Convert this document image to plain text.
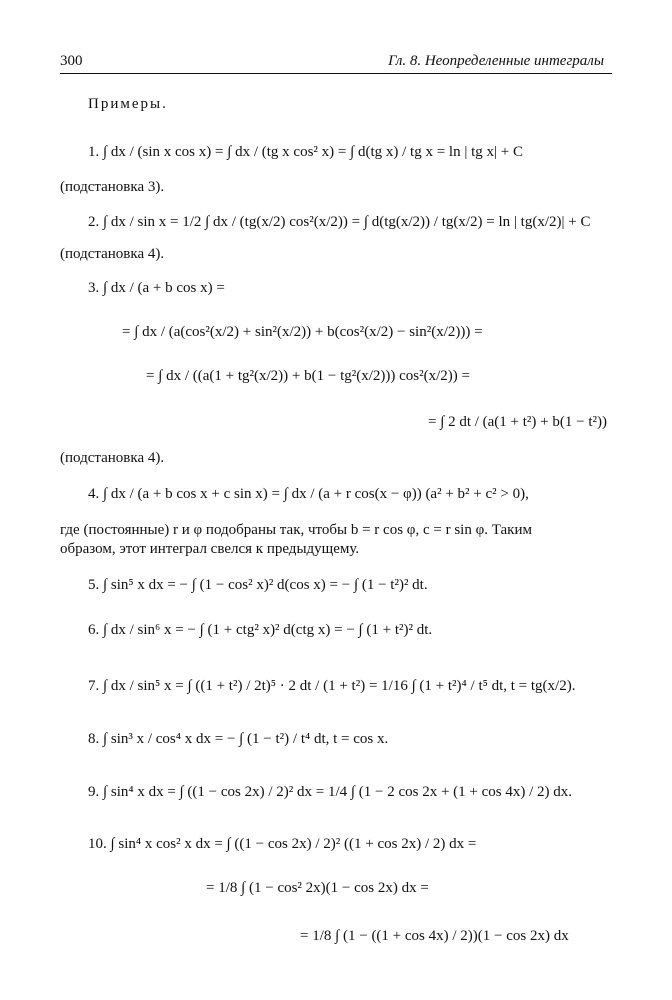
300	Гл. 8. Неопределенные интегралы
Примеры.
1. ∫ dx / (sin x cos x) = ∫ dx / (tg x cos² x) = ∫ d(tg x) / tg x = ln | tg x| + C
(подстановка 3).
2. ∫ dx / sin x = 1/2 ∫ dx / (tg(x/2) cos²(x/2)) = ∫ d(tg(x/2)) / tg(x/2) = ln | tg(x/2)| + C
(подстановка 4).
3. ∫ dx / (a + b cos x) =
= ∫ dx / (a(cos²(x/2) + sin²(x/2)) + b(cos²(x/2) − sin²(x/2))) =
= ∫ dx / ((a(1 + tg²(x/2)) + b(1 − tg²(x/2))) cos²(x/2)) =
= ∫ 2 dt / (a(1 + t²) + b(1 − t²))
(подстановка 4).
4. ∫ dx / (a + b cos x + c sin x) = ∫ dx / (a + r cos(x − φ)) (a² + b² + c² > 0),
где (постоянные) r и φ подобраны так, чтобы b = r cos φ, c = r sin φ. Таким
образом, этот интеграл свелся к предыдущему.
5. ∫ sin⁵ x dx = − ∫ (1 − cos² x)² d(cos x) = − ∫ (1 − t²)² dt.
6. ∫ dx / sin⁶ x = − ∫ (1 + ctg² x)² d(ctg x) = − ∫ (1 + t²)² dt.
7. ∫ dx / sin⁵ x = ∫ ((1 + t²) / 2t)⁵ · 2 dt / (1 + t²) = 1/16 ∫ (1 + t²)⁴ / t⁵ dt, t = tg(x/2).
8. ∫ sin³ x / cos⁴ x dx = − ∫ (1 − t²) / t⁴ dt, t = cos x.
9. ∫ sin⁴ x dx = ∫ ((1 − cos 2x) / 2)² dx = 1/4 ∫ (1 − 2 cos 2x + (1 + cos 4x) / 2) dx.
10. ∫ sin⁴ x cos² x dx = ∫ ((1 − cos 2x) / 2)² ((1 + cos 2x) / 2) dx =
= 1/8 ∫ (1 − cos² 2x)(1 − cos 2x) dx =
= 1/8 ∫ (1 − ((1 + cos 4x) / 2))(1 − cos 2x) dx
